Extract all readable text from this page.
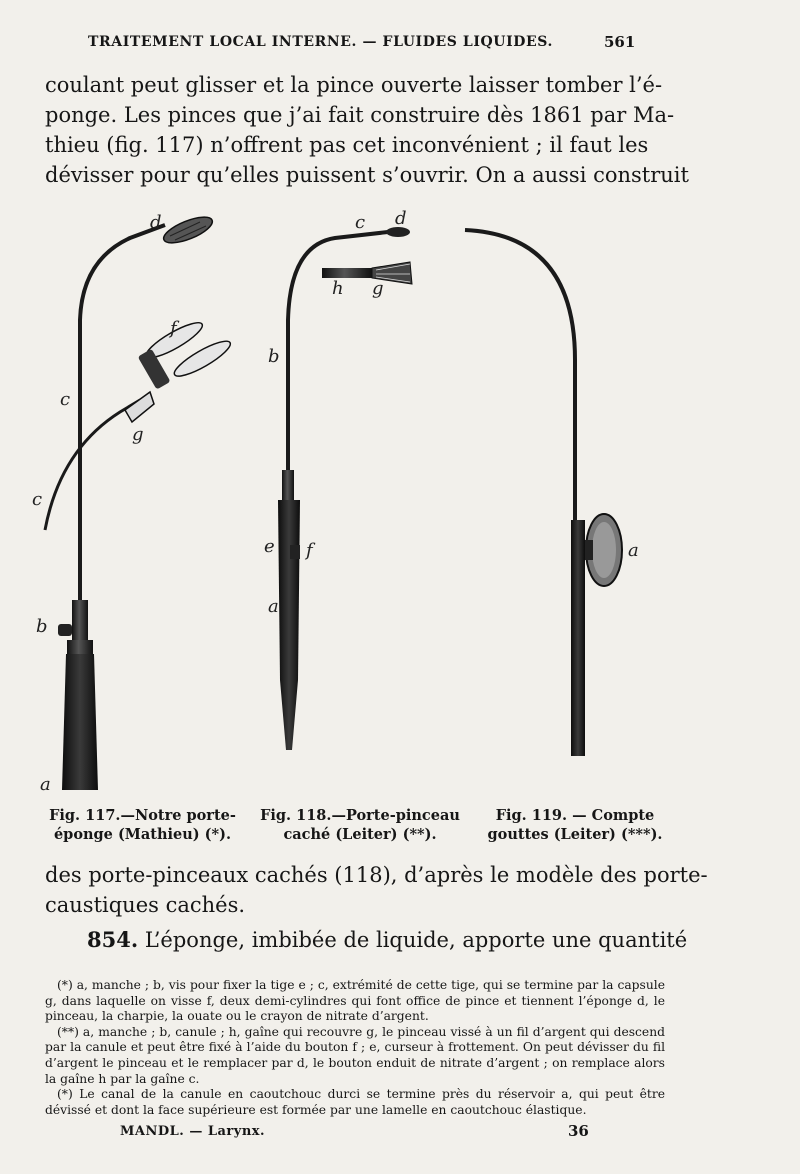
TRAITEMENT LOCAL INTERNE. — FLUIDES LIQUIDES.	561
coulant peut glisser et la pince ouverte laisser tomber l’é-
ponge. Les pinces que j’ai fait construire dès 1861 par Ma-
thieu (fig. 117) n’offrent pas cet inconvénient ; il faut les
dévisser pour qu’elles puissent s’ouvrir. On a aussi construit
d
f
c
g
c
b
a
c d
h g
b
e f
a
a
Fig. 117.—Notre porte-
éponge (Mathieu) (*).
Fig. 118.—Porte-pinceau
caché (Leiter) (**).
Fig. 119. — Compte
gouttes (Leiter) (***).
des porte-pinceaux cachés (118), d’après le modèle des porte-
caustiques cachés.
854. L’éponge, imbibée de liquide, apporte une quantité
(*) a, manche ; b, vis pour fixer la tige e ; c, extrémité de cette tige, qui se termine par la capsule g, dans laquelle on visse f, deux demi-cylindres qui font office de pince et tiennent l’éponge d, le pinceau, la charpie, la ouate ou le crayon de nitrate d’argent.
(**) a, manche ; b, canule ; h, gaîne qui recouvre g, le pinceau vissé à un fil d’argent qui descend par la canule et peut être fixé à l’aide du bouton f ; e, curseur à frottement. On peut dévisser du fil d’argent le pinceau et le remplacer par d, le bouton enduit de nitrate d’argent ; on remplace alors la gaîne h par la gaîne c.
(*) Le canal de la canule en caoutchouc durci se termine près du réservoir a, qui peut être dévissé et dont la face supérieure est formée par une lamelle en caoutchouc élastique.
MANDL. — Larynx.	36
